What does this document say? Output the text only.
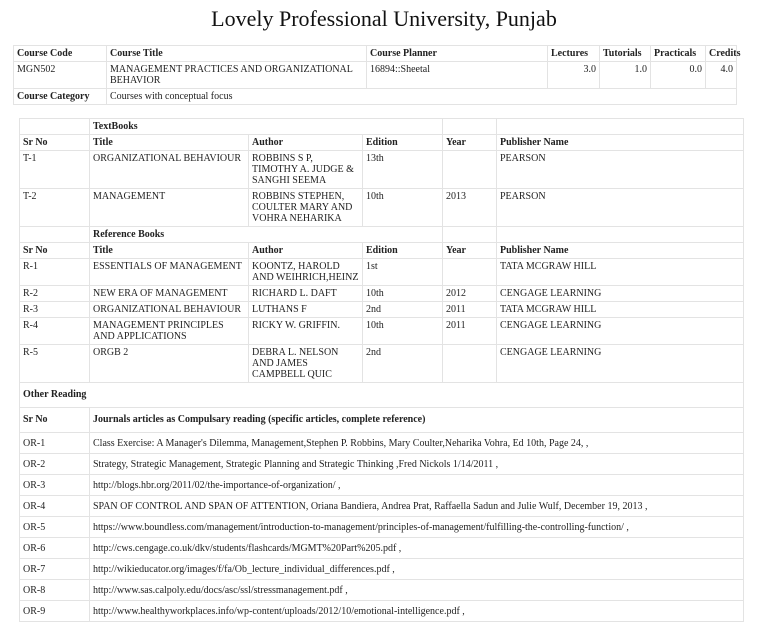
Lovely Professional University, Punjab
Course Code	Course Title	Course Planner	Lectures	Tutorials	Practicals	Credits
MGN502	MANAGEMENT PRACTICES AND ORGANIZATIONAL BEHAVIOR	16894::Sheetal	3.0	1.0	0.0	4.0
Course Category	Courses with conceptual focus					
	TextBooks				
Sr No	Title	Author	Edition	Year	Publisher Name
T-1	ORGANIZATIONAL BEHAVIOUR	ROBBINS S P, TIMOTHY A. JUDGE & SANGHI SEEMA	13th		PEARSON
T-2	MANAGEMENT	ROBBINS STEPHEN, COULTER MARY AND VOHRA NEHARIKA	10th	2013	PEARSON
	Reference Books				
Sr No	Title	Author	Edition	Year	Publisher Name
R-1	ESSENTIALS OF MANAGEMENT	KOONTZ, HAROLD AND WEIHRICH,HEINZ	1st		TATA MCGRAW HILL
R-2	NEW ERA OF MANAGEMENT	RICHARD L. DAFT	10th	2012	CENGAGE LEARNING
R-3	ORGANIZATIONAL BEHAVIOUR	LUTHANS F	2nd	2011	TATA MCGRAW HILL
R-4	MANAGEMENT PRINCIPLES AND APPLICATIONS	RICKY W. GRIFFIN.	10th	2011	CENGAGE LEARNING
R-5	ORGB 2	DEBRA L. NELSON AND JAMES CAMPBELL QUIC	2nd		CENGAGE LEARNING
Other Reading	
Sr No	Journals articles as Compulsary reading (specific articles, complete reference)
OR-1	Class Exercise: A Manager's Dilemma, Management,Stephen P. Robbins, Mary Coulter,Neharika Vohra, Ed 10th, Page 24, ,
OR-2	Strategy, Strategic Management, Strategic Planning and Strategic Thinking ,Fred Nickols 1/14/2011 ,
OR-3	http://blogs.hbr.org/2011/02/the-importance-of-organization/ ,
OR-4	SPAN OF CONTROL AND SPAN OF ATTENTION, Oriana Bandiera, Andrea Prat, Raffaella Sadun and Julie Wulf, December 19, 2013 ,
OR-5	https://www.boundless.com/management/introduction-to-management/principles-of-management/fulfilling-the-controlling-function/ ,
OR-6	http://cws.cengage.co.uk/dkv/students/flashcards/MGMT%20Part%205.pdf ,
OR-7	http://wikieducator.org/images/f/fa/Ob_lecture_individual_differences.pdf ,
OR-8	http://www.sas.calpoly.edu/docs/asc/ssl/stressmanagement.pdf ,
OR-9	http://www.healthyworkplaces.info/wp-content/uploads/2012/10/emotional-intelligence.pdf ,
